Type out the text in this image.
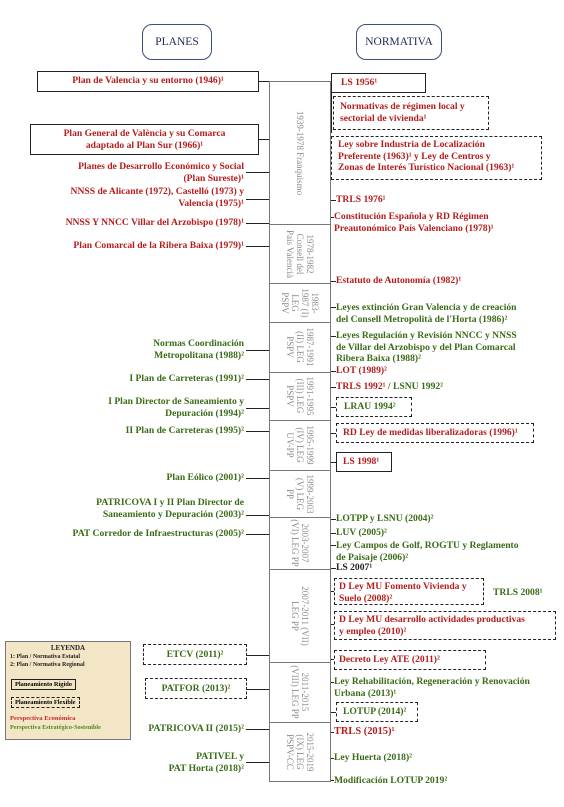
PLANES	NORMATIVA
1939-1978 Franquismo
1978-1982 Consell del País Valencià
1983-1987 (I) LEG PSPV
1987-1991 (II) LEG PSPV
1991-1995 (III) LEG PSPV
1995-1999 (IV) LEG UV-PP
1999-2003 (V) LEG PP
2003-2007 (VI) LEG PP
2007-2011 (VII) LEG PP
2011-2015 (VIII) LEG PP
2015-2019 (IX) LEG PSPV-CC
Plan de Valencia y su entorno (1946)¹
Plan General de València y su Comarca
adaptado al Plan Sur (1966)¹
Planes de Desarrollo Económico y Social
(Plan Sureste)¹
NNSS de Alicante (1972), Castelló (1973) y
Valencia (1975)¹
NNSS Y NNCC Villar del Arzobispo (1978)¹
Plan Comarcal de la Ribera Baixa (1979)¹
Normas Coordinación
Metropolitana (1988)²
I Plan de Carreteras (1991)²
I Plan Director de Saneamiento y
Depuración (1994)²
II Plan de Carreteras (1995)²
Plan Eólico (2001)²
PATRICOVA I y II Plan Director de
Saneamiento y Depuración (2003)²
PAT Corredor de Infraestructuras (2005)²
ETCV (2011)²
PATFOR (2013)²
PATRICOVA II (2015)²
PATIVEL y
PAT Horta (2018)²
LS 1956¹
Normativas de régimen local y
sectorial de vivienda¹
Ley sobre Industria de Localización
Preferente (1963)¹ y Ley de Centros y
Zonas de Interés Turístico Nacional (1963)¹
TRLS 1976¹
Constitución Española y RD Régimen
Preautonómico País Valenciano (1978)¹
Estatuto de Autonomía (1982)¹
Leyes extinción Gran Valencia y de creación
del Consell Metropolità de l'Horta (1986)²
Leyes Regulación y Revisión NNCC y NNSS
de Villar del Arzobispo y del Plan Comarcal
Ribera Baixa (1988)²
LOT (1989)²
TRLS 1992¹ / LSNU 1992²
LRAU 1994²
RD Ley de medidas liberalizadoras (1996)¹
LS 1998¹
LOTPP y LSNU (2004)²
LUV (2005)²
Ley Campos de Golf, ROGTU y Reglamento
de Paisaje (2006)²
LS 2007¹
D Ley MU Fomento Vivienda y
Suelo (2008)²	TRLS 2008¹
D Ley MU desarrollo actividades productivas
y empleo (2010)²
Decreto Ley ATE (2011)²
Ley Rehabilitación, Regeneración y Renovación
Urbana (2013)¹
LOTUP (2014)²
TRLS (2015)¹
Ley Huerta (2018)²
Modificación LOTUP 2019²
LEYENDA
1: Plan / Normativa Estatal
2: Plan / Normativa Regional
Planeamiento Rígido
Planeamiento Flexible
Perspectiva Económica
Perspectiva Estratégico-Sostenible
